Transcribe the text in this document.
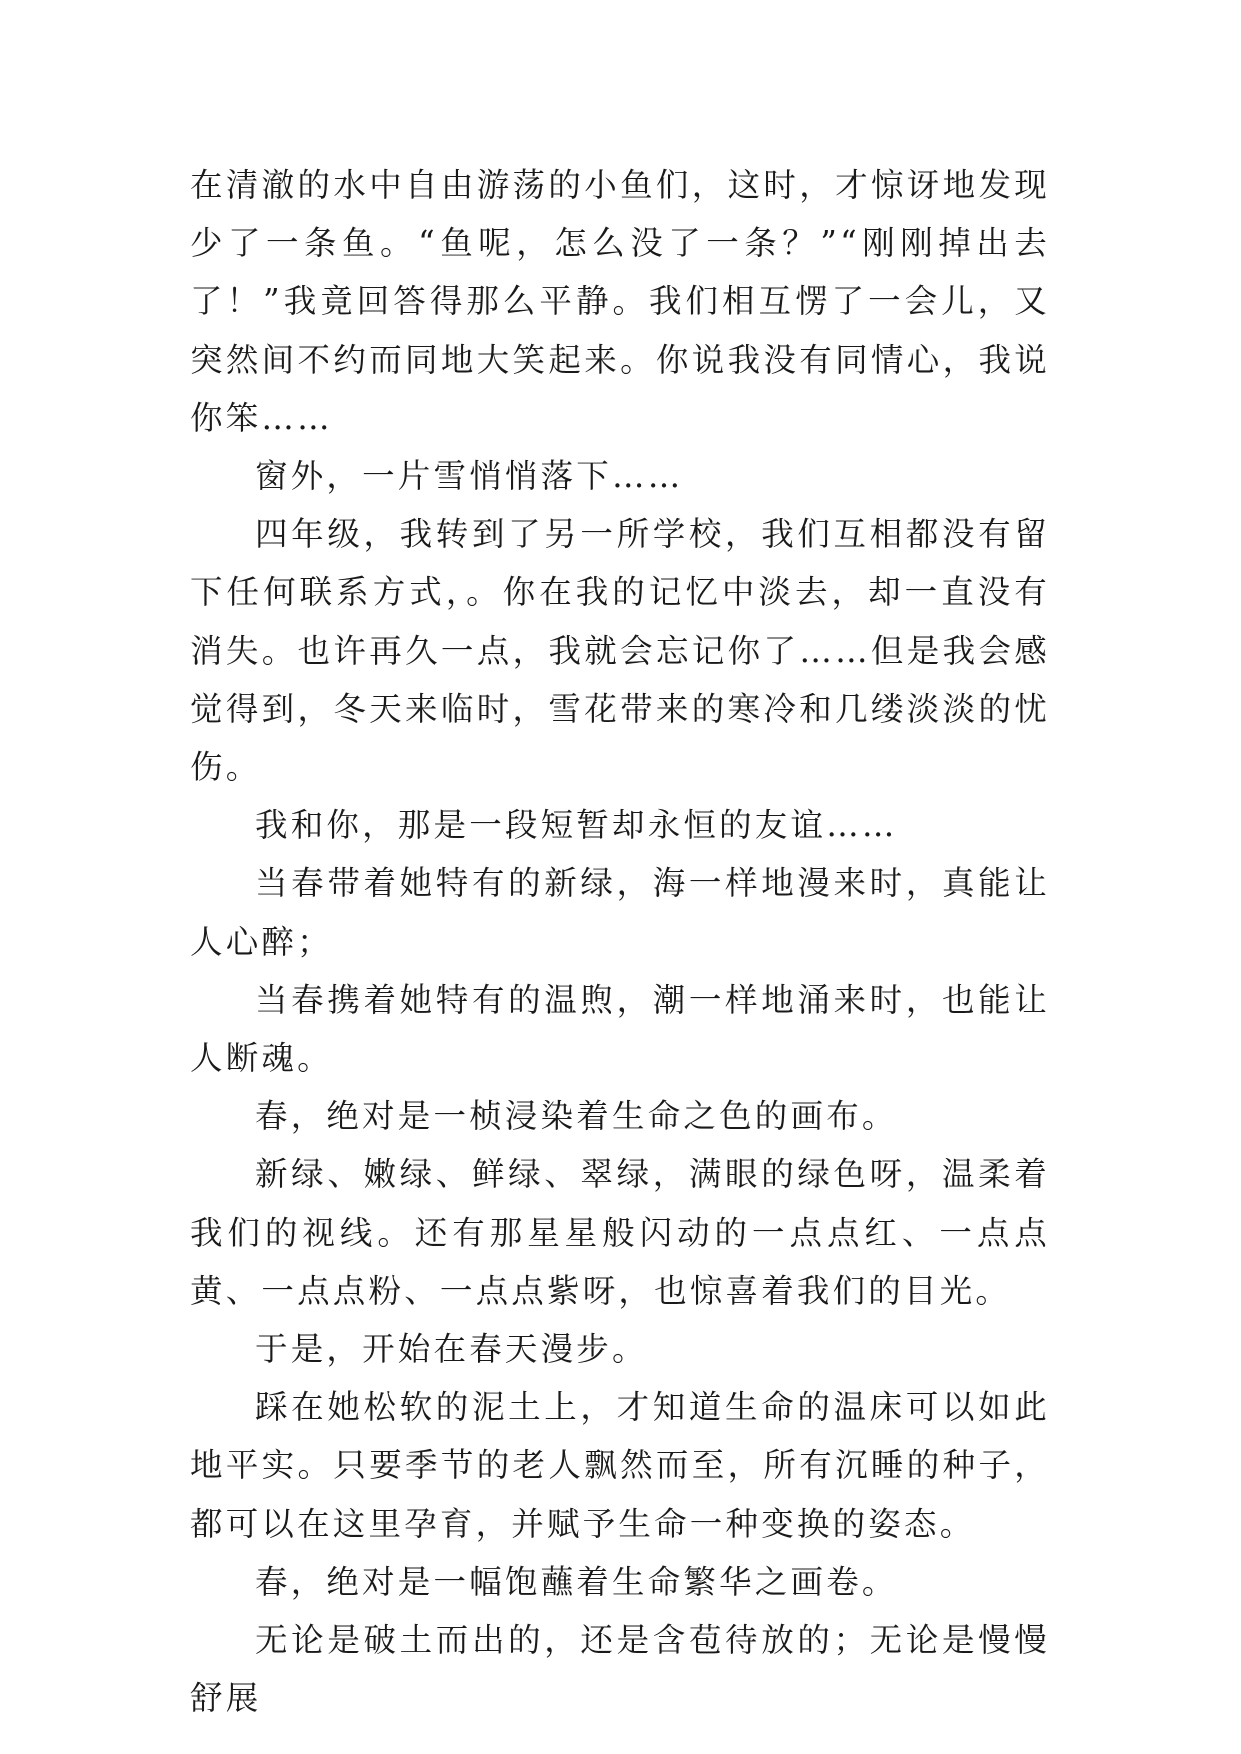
在清澈的水中自由游荡的小鱼们，这时，才惊讶地发现少了一条鱼。“鱼呢，怎么没了一条？”“刚刚掉出去了！”我竟回答得那么平静。我们相互愣了一会儿，又突然间不约而同地大笑起来。你说我没有同情心，我说你笨……

窗外，一片雪悄悄落下……

四年级，我转到了另一所学校，我们互相都没有留下任何联系方式，。你在我的记忆中淡去，却一直没有消失。也许再久一点，我就会忘记你了……但是我会感觉得到，冬天来临时，雪花带来的寒冷和几缕淡淡的忧伤。

我和你，那是一段短暂却永恒的友谊……

当春带着她特有的新绿，海一样地漫来时，真能让人心醉；

当春携着她特有的温煦，潮一样地涌来时，也能让人断魂。

春，绝对是一桢浸染着生命之色的画布。

新绿、嫩绿、鲜绿、翠绿，满眼的绿色呀，温柔着我们的视线。还有那星星般闪动的一点点红、一点点黄、一点点粉、一点点紫呀，也惊喜着我们的目光。

于是，开始在春天漫步。

踩在她松软的泥土上，才知道生命的温床可以如此地平实。只要季节的老人飘然而至，所有沉睡的种子，都可以在这里孕育，并赋予生命一种变换的姿态。

春，绝对是一幅饱蘸着生命繁华之画卷。

无论是破土而出的，还是含苞待放的；无论是慢慢舒展
